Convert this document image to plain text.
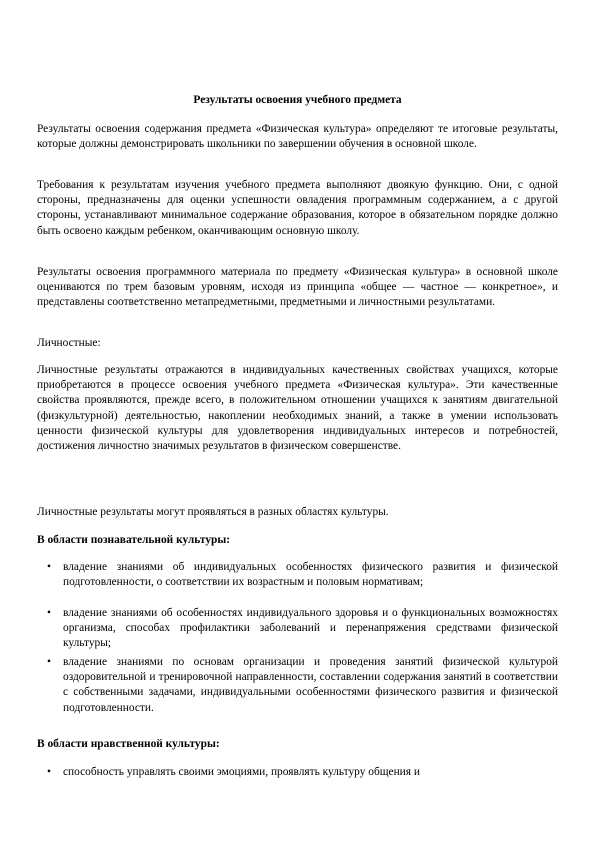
Результаты освоения учебного предмета

Результаты освоения содержания предмета «Физическая культура» определяют те итоговые результаты, которые должны демонстрировать школьники по завершении обучения в основной школе.

Требования к результатам изучения учебного предмета выполняют двоякую функцию. Они, с одной стороны, предназначены для оценки успешности овладения программным содержанием, а с другой стороны, устанавливают минимальное содержание образования, которое в обязательном порядке должно быть освоено каждым ребенком, оканчивающим основную школу.

Результаты освоения программного материала по предмету «Физическая культура» в основной школе оцениваются по трем базовым уровням, исходя из принципа «общее — частное — конкретное», и представлены соответственно метапредметными, предметными и личностными результатами.

Личностные:

Личностные результаты отражаются в индивидуальных качественных свойствах учащихся, которые приобретаются в процессе освоения учебного предмета «Физическая культура». Эти качественные свойства проявляются, прежде всего, в положительном отношении учащихся к занятиям двигательной (физкультурной) деятельностью, накоплении необходимых знаний, а также в умении использовать ценности физической культуры для удовлетворения индивидуальных интересов и потребностей, достижения личностно значимых результатов в физическом совершенстве.

Личностные результаты могут проявляться в разных областях культуры.

В области познавательной культуры:

•	владение знаниями об индивидуальных особенностях физического развития и физической подготовленности, о соответствии их возрастным и половым нормативам;

•	владение знаниями об особенностях индивидуального здоровья и о функциональных возможностях организма, способах профилактики заболеваний и перенапряжения средствами физической культуры;

•	владение знаниями по основам организации и проведения занятий физической культурой оздоровительной и тренировочной направленности, составлении содержания занятий в соответствии с собственными задачами, индивидуальными особенностями физического развития и физической подготовленности.

В области нравственной культуры:

•	способность управлять своими эмоциями, проявлять культуру общения и
